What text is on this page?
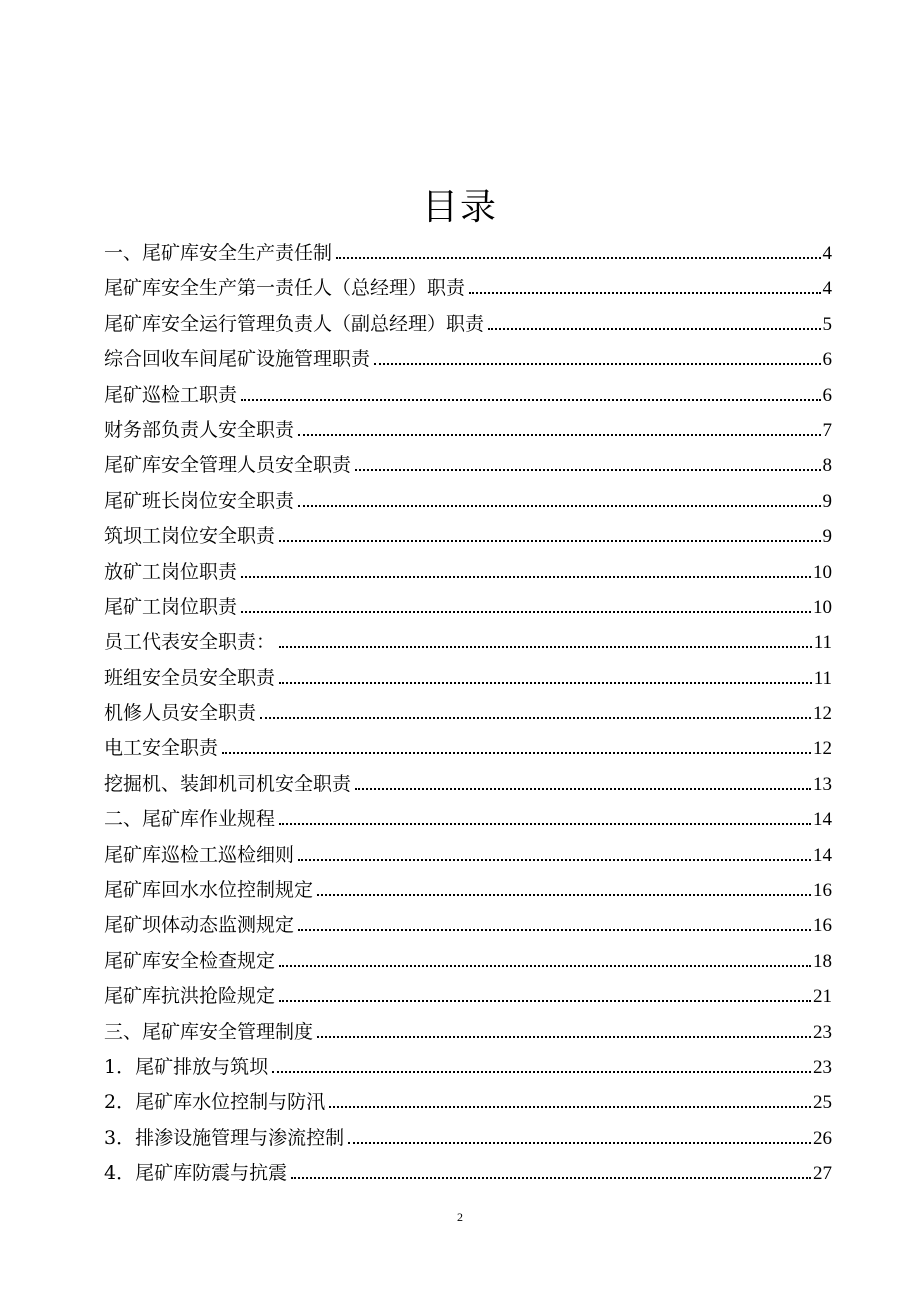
目录
一、尾矿库安全生产责任制	4
尾矿库安全生产第一责任人（总经理）职责	4
尾矿库安全运行管理负责人（副总经理）职责	5
综合回收车间尾矿设施管理职责	6
尾矿巡检工职责	6
财务部负责人安全职责	7
尾矿库安全管理人员安全职责	8
尾矿班长岗位安全职责	9
筑坝工岗位安全职责	9
放矿工岗位职责	10
尾矿工岗位职责	10
员工代表安全职责：	11
班组安全员安全职责	11
机修人员安全职责	12
电工安全职责	12
挖掘机、装卸机司机安全职责	13
二、尾矿库作业规程	14
尾矿库巡检工巡检细则	14
尾矿库回水水位控制规定	16
尾矿坝体动态监测规定	16
尾矿库安全检查规定	18
尾矿库抗洪抢险规定	21
三、尾矿库安全管理制度	23
1．尾矿排放与筑坝	23
2．尾矿库水位控制与防汛	25
3．排渗设施管理与渗流控制	26
4．尾矿库防震与抗震	27
2
